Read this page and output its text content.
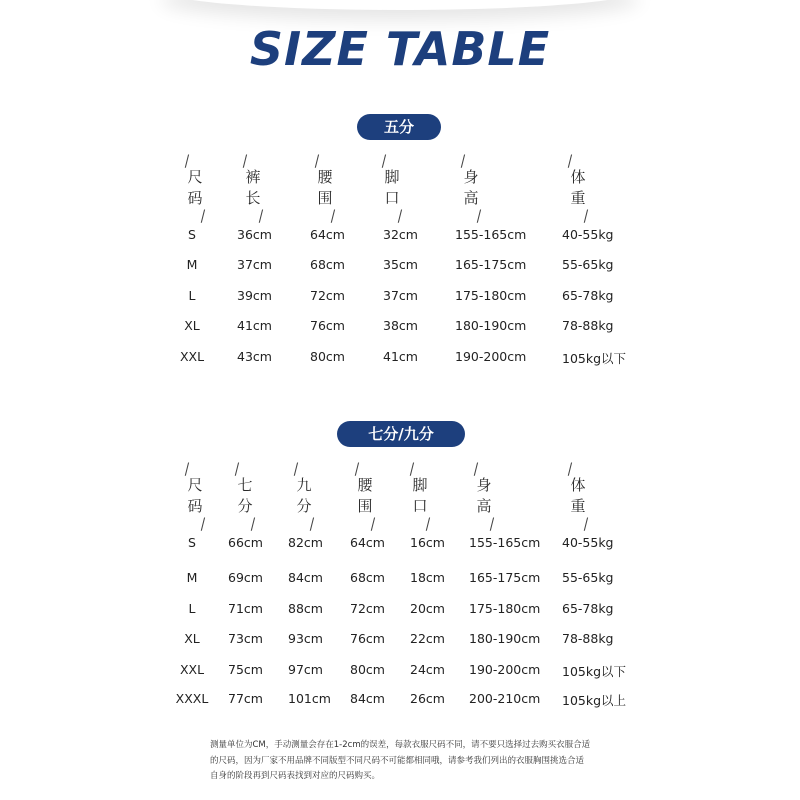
SIZE TABLE
五分
/
尺
码
/
/
裤
长
/
/
腰
围
/
/
脚
口
/
/
身
高
/
/
体
重
/
S	36cm	64cm	32cm	155-165cm	40-55kg
M	37cm	68cm	35cm	165-175cm	55-65kg
L	39cm	72cm	37cm	175-180cm	65-78kg
XL	41cm	76cm	38cm	180-190cm	78-88kg
XXL	43cm	80cm	41cm	190-200cm	105kg以下
七分/九分
/
尺
码
/
/
七
分
/
/
九
分
/
/
腰
围
/
/
脚
口
/
/
身
高
/
/
体
重
/
S	66cm 82cm 64cm 16cm 155-165cm 40-55kg
M	69cm 84cm 68cm 18cm 165-175cm 55-65kg
L	71cm 88cm 72cm 20cm 175-180cm 65-78kg
XL	73cm 93cm 76cm 22cm 180-190cm 78-88kg
XXL	75cm 97cm 80cm 24cm 190-200cm 105kg以下
XXXL 77cm 101cm 84cm 26cm 200-210cm 105kg以上
测量单位为CM，手动测量会存在1-2cm的误差，每款衣服尺码不同，请不要只选择过去购买衣服合适
的尺码，因为厂家不用品牌不同版型不同尺码不可能都相同哦，请参考我们列出的衣服胸围挑选合适
自身的阶段再到尺码表找到对应的尺码购买。
